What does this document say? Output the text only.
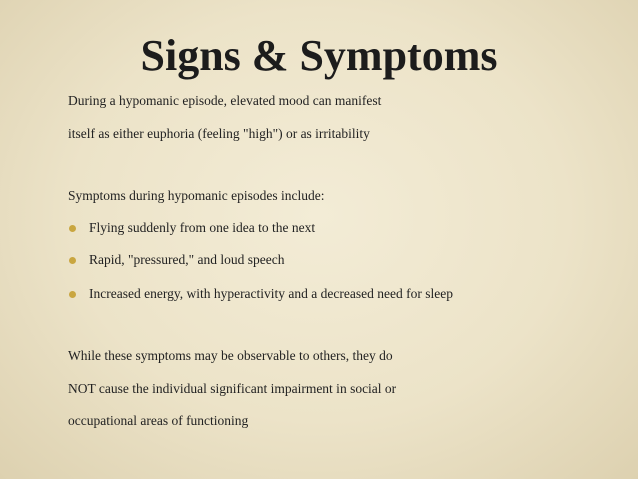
Signs & Symptoms
During a hypomanic episode, elevated mood can manifest
itself as either euphoria (feeling "high") or as irritability
Symptoms during hypomanic episodes include:
Flying suddenly from one idea to the next
Rapid, "pressured," and loud speech
Increased energy, with hyperactivity and a decreased need for sleep
While these symptoms may be observable to others, they do
NOT cause the individual significant impairment in social or
occupational areas of functioning
